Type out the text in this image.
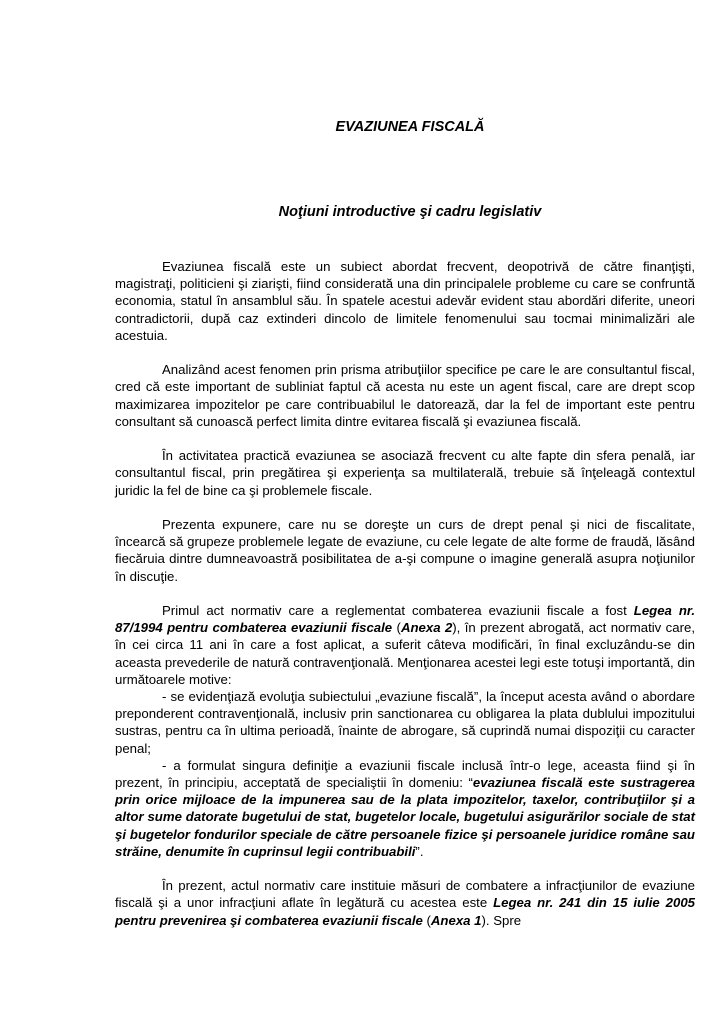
EVAZIUNEA FISCALĂ
Noţiuni introductive şi cadru legislativ

Evaziunea fiscală este un subiect abordat frecvent, deopotrivă de către finanţişti, magistraţi, politicieni şi ziarişti, fiind considerată una din principalele probleme cu care se confruntă economia, statul în ansamblul său. În spatele acestui adevăr evident stau abordări diferite, uneori contradictorii, după caz extinderi dincolo de limitele fenomenului sau tocmai minimalizări ale acestuia.

Analizând acest fenomen prin prisma atribuţiilor specifice pe care le are consultantul fiscal, cred că este important de subliniat faptul că acesta nu este un agent fiscal, care are drept scop maximizarea impozitelor pe care contribuabilul le datorează, dar la fel de important este pentru consultant să cunoască perfect limita dintre evitarea fiscală şi evaziunea fiscală.

În activitatea practică evaziunea se asociază frecvent cu alte fapte din sfera penală, iar consultantul fiscal, prin pregătirea şi experienţa sa multilaterală, trebuie să înţeleagă contextul juridic la fel de bine ca şi problemele fiscale.

Prezenta expunere, care nu se doreşte un curs de drept penal şi nici de fiscalitate, încearcă să grupeze problemele legate de evaziune, cu cele legate de alte forme de fraudă, lăsând fiecăruia dintre dumneavoastră posibilitatea de a-şi compune o imagine generală asupra noţiunilor în discuţie.

Primul act normativ care a reglementat combaterea evaziunii fiscale a fost Legea nr. 87/1994 pentru combaterea evaziunii fiscale (Anexa 2), în prezent abrogată, act normativ care, în cei circa 11 ani în care a fost aplicat, a suferit câteva modificări, în final excluzându-se din aceasta prevederile de natură contravenţională. Menţionarea acestei legi este totuşi importantă, din următoarele motive:

- se evidenţiază evoluţia subiectului „evaziune fiscală”, la început acesta având o abordare preponderent contravenţională, inclusiv prin sanctionarea cu obligarea la plata dublului impozitului sustras, pentru ca în ultima perioadă, înainte de abrogare, să cuprindă numai dispoziţii cu caracter penal;

- a formulat singura definiţie a evaziunii fiscale inclusă într-o lege, aceasta fiind şi în prezent, în principiu, acceptată de specialiştii în domeniu: “evaziunea fiscală este sustragerea prin orice mijloace de la impunerea sau de la plata impozitelor, taxelor, contribuţiilor şi a altor sume datorate bugetului de stat, bugetelor locale, bugetului asigurărilor sociale de stat şi bugetelor fondurilor speciale de către persoanele fizice şi persoanele juridice române sau străine, denumite în cuprinsul legii contribuabili”.

În prezent, actul normativ care instituie măsuri de combatere a infracţiunilor de evaziune fiscală şi a unor infracţiuni aflate în legătură cu acestea este Legea nr. 241 din 15 iulie 2005 pentru prevenirea şi combaterea evaziunii fiscale (Anexa 1). Spre
